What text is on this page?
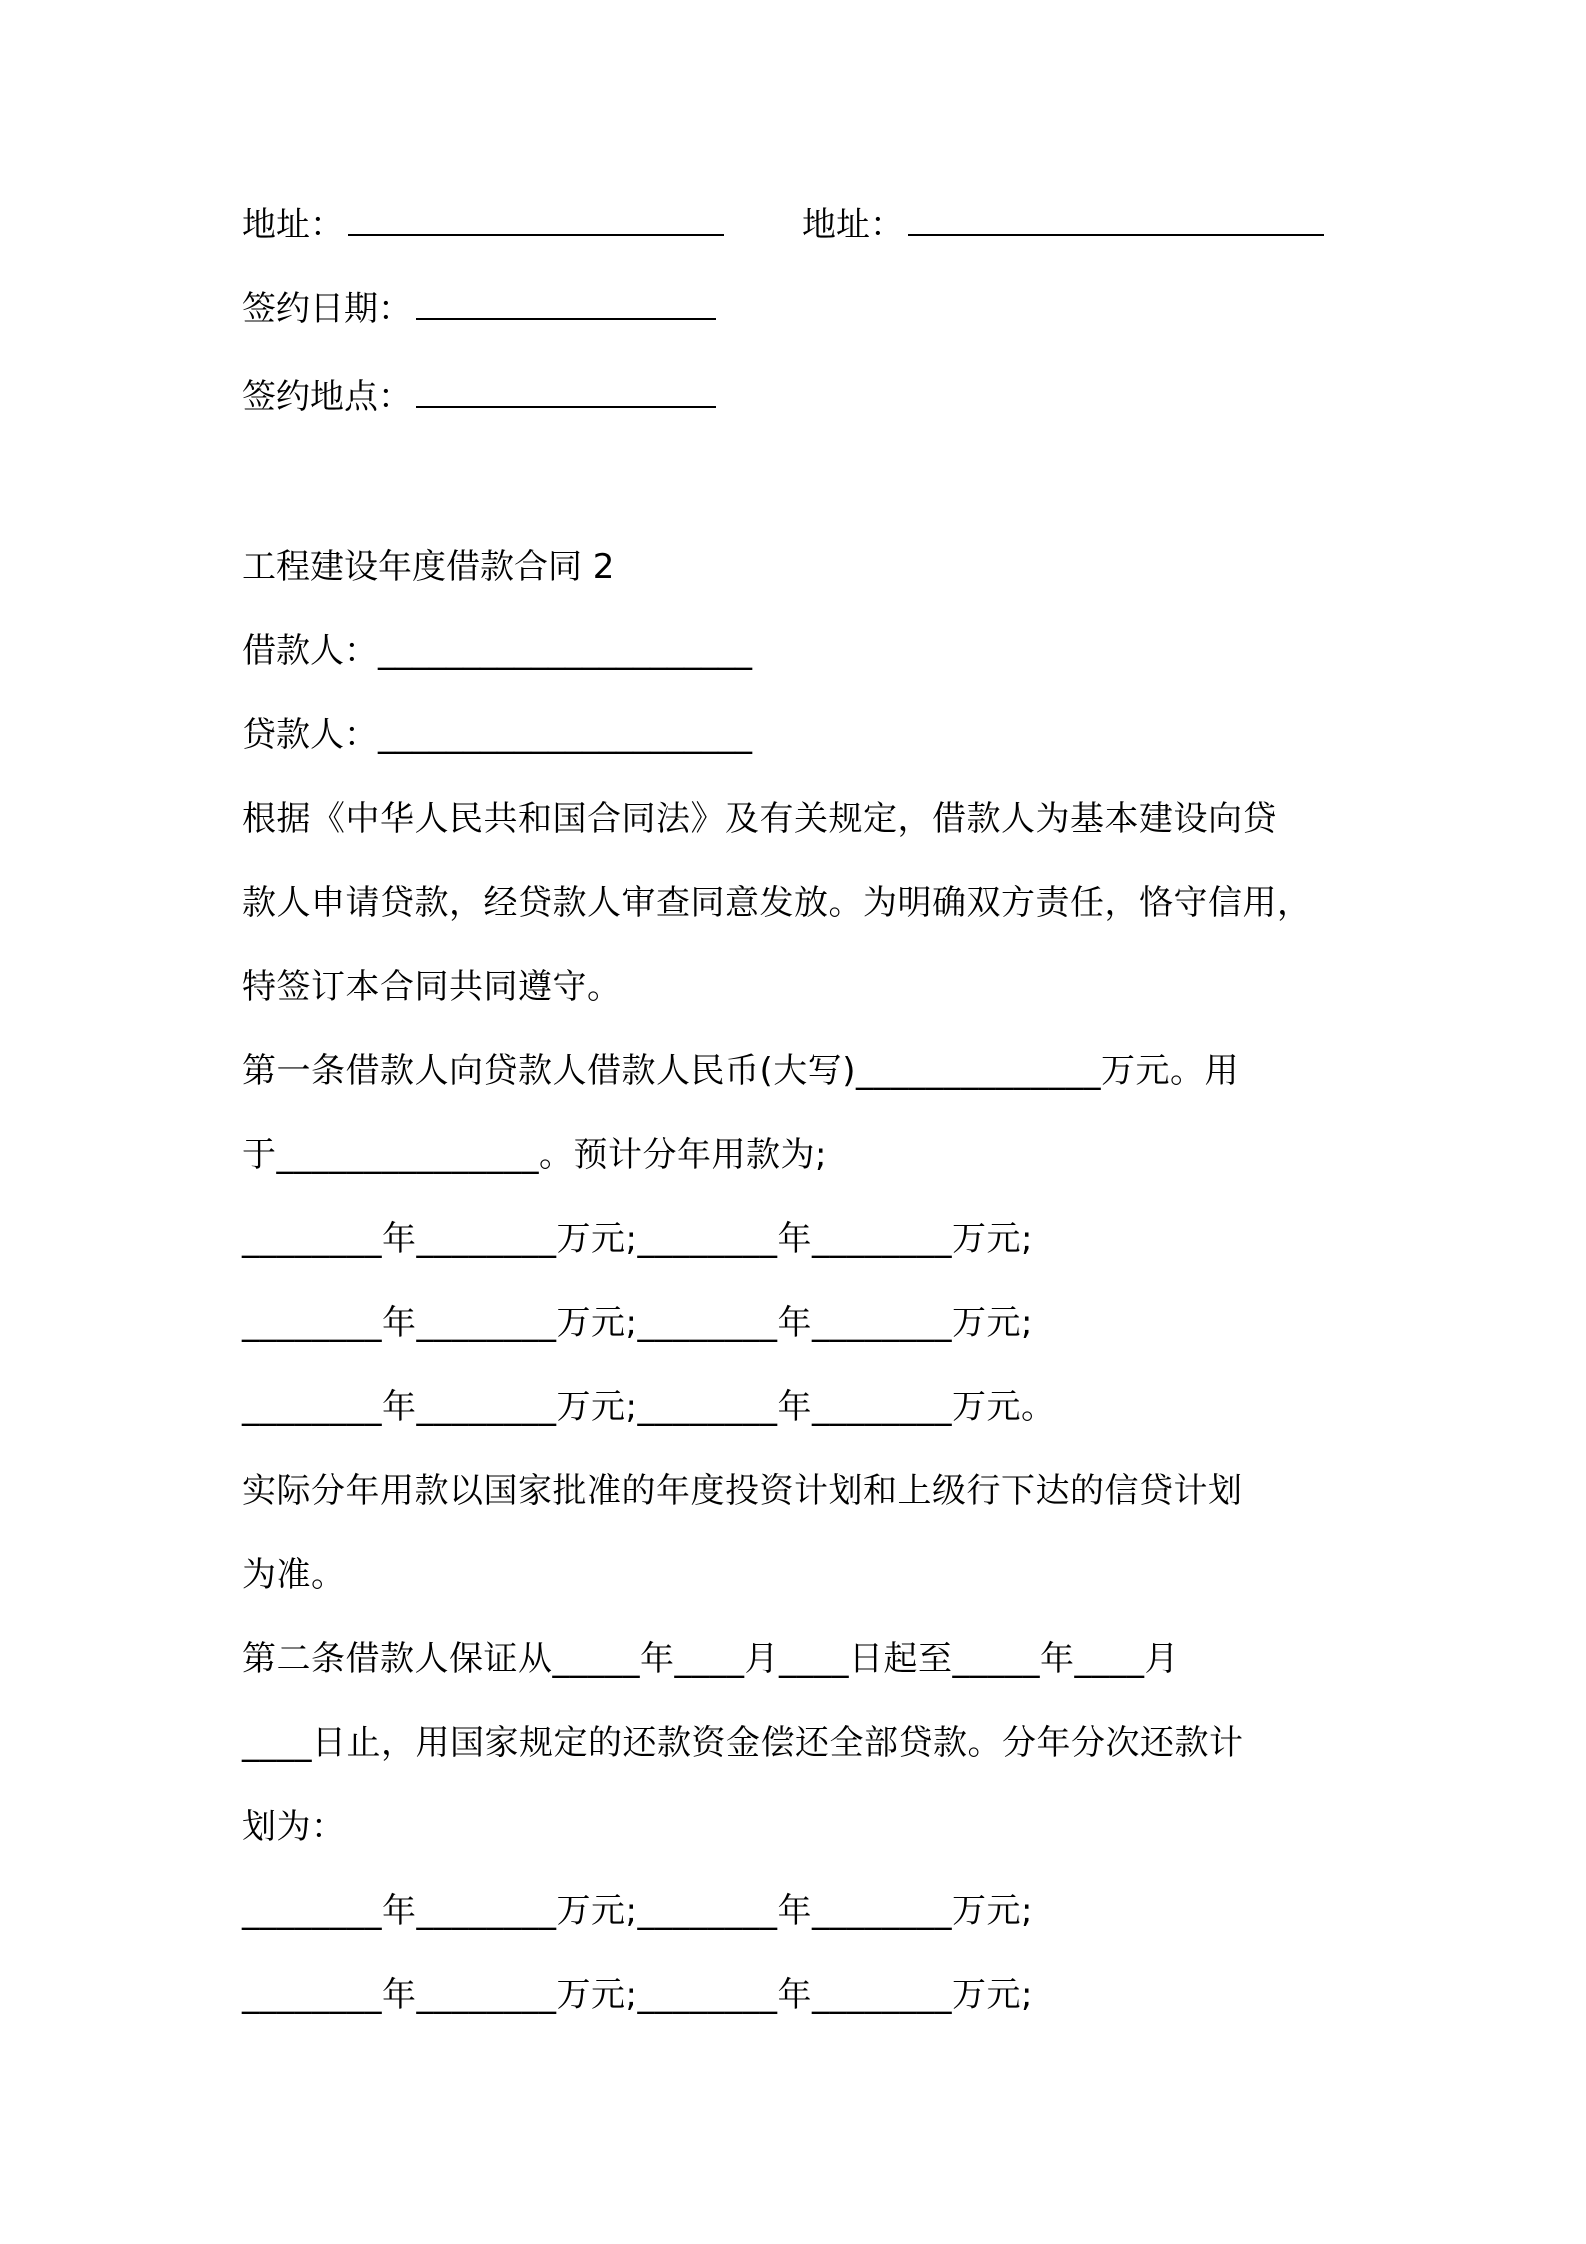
地址：	地址：
签约日期：
签约地点：
工程建设年度借款合同 2
借款人：______________________
贷款人：______________________
根据《中华人民共和国合同法》及有关规定，借款人为基本建设向贷
款人申请贷款，经贷款人审查同意发放。为明确双方责任，恪守信用，
特签订本合同共同遵守。
第一条借款人向贷款人借款人民币(大写)______________万元。用
于_______________。预计分年用款为;
________年________万元;________年________万元;
________年________万元;________年________万元;
________年________万元;________年________万元。
实际分年用款以国家批准的年度投资计划和上级行下达的信贷计划
为准。
第二条借款人保证从_____年____月____日起至_____年____月
____日止，用国家规定的还款资金偿还全部贷款。分年分次还款计
划为：
________年________万元;________年________万元;
________年________万元;________年________万元;
